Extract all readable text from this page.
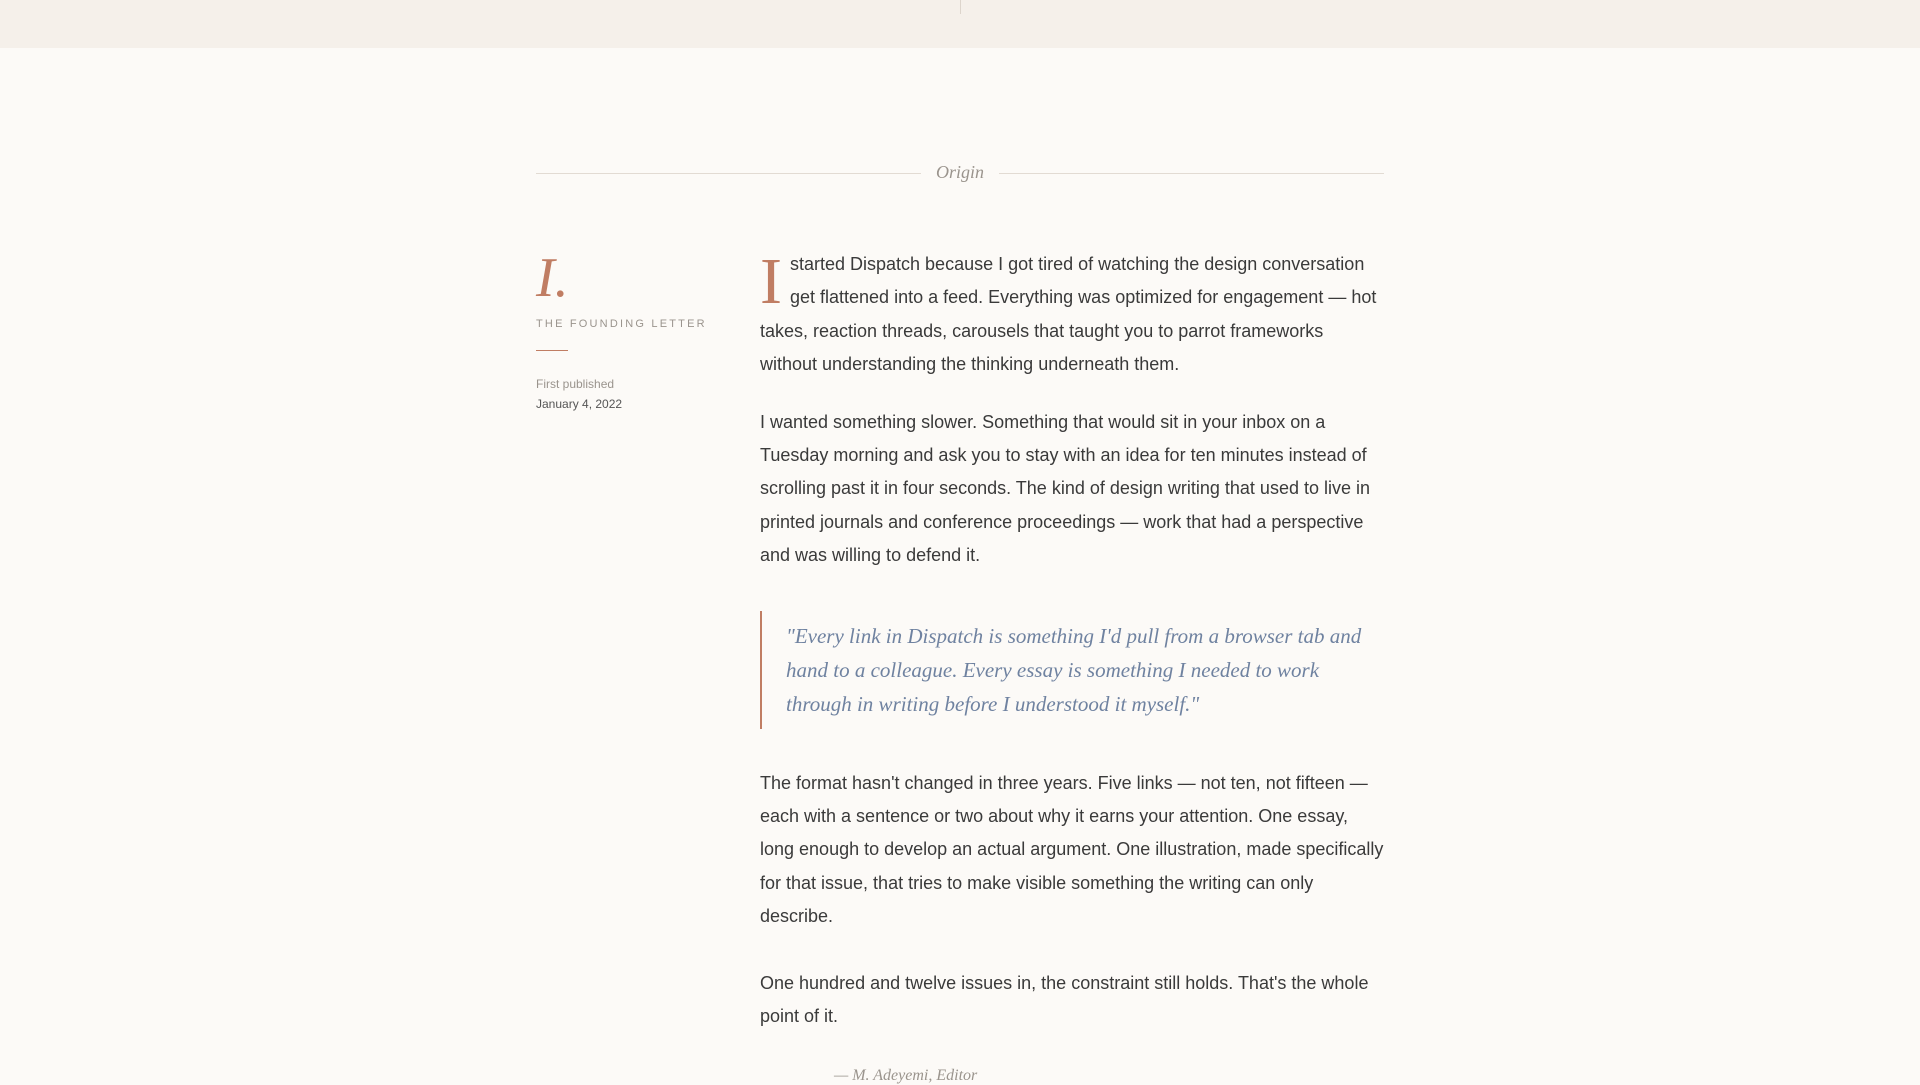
Origin
I.
THE FOUNDING LETTER
First published
January 4, 2022

Istarted Dispatch because I got tired of watching the design conversation get flattened into a feed. Everything was optimized for engagement — hot takes, reaction threads, carousels that taught you to parrot frameworks without understanding the thinking underneath them.

I wanted something slower. Something that would sit in your inbox on a Tuesday morning and ask you to stay with an idea for ten minutes instead of scrolling past it in four seconds. The kind of design writing that used to live in printed journals and conference proceedings — work that had a perspective and was willing to defend it.

"Every link in Dispatch is something I'd pull from a browser tab and hand to a colleague. Every essay is something I needed to work through in writing before I understood it myself."

The format hasn't changed in three years. Five links — not ten, not fifteen — each with a sentence or two about why it earns your attention. One essay, long enough to develop an actual argument. One illustration, made specifically for that issue, that tries to make visible something the writing can only describe.

One hundred and twelve issues in, the constraint still holds. That's the whole point of it.

— M. Adeyemi, Editor
